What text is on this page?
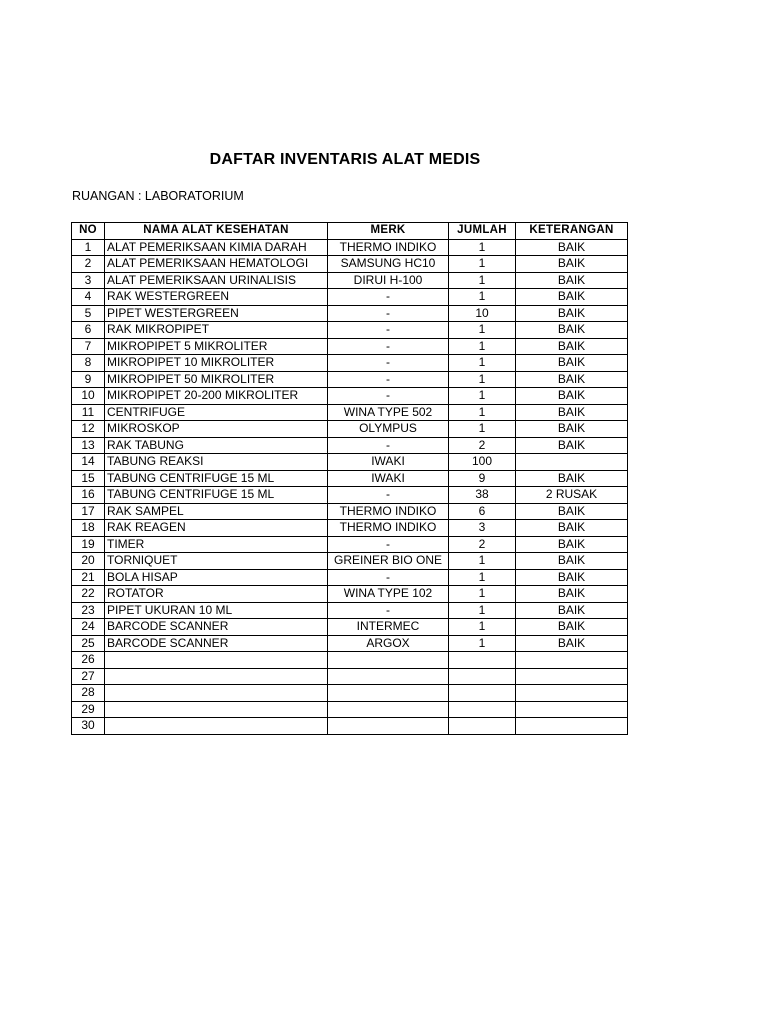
DAFTAR INVENTARIS ALAT MEDIS

RUANGAN : LABORATORIUM

NO	NAMA ALAT KESEHATAN	MERK	JUMLAH	KETERANGAN
1	ALAT PEMERIKSAAN KIMIA DARAH	THERMO INDIKO	1	BAIK
2	ALAT PEMERIKSAAN HEMATOLOGI	SAMSUNG HC10	1	BAIK
3	ALAT PEMERIKSAAN URINALISIS	DIRUI H-100	1	BAIK
4	RAK WESTERGREEN	-	1	BAIK
5	PIPET WESTERGREEN	-	10	BAIK
6	RAK MIKROPIPET	-	1	BAIK
7	MIKROPIPET 5 MIKROLITER	-	1	BAIK
8	MIKROPIPET 10 MIKROLITER	-	1	BAIK
9	MIKROPIPET 50 MIKROLITER	-	1	BAIK
10	MIKROPIPET 20-200 MIKROLITER	-	1	BAIK
11	CENTRIFUGE	WINA TYPE 502	1	BAIK
12	MIKROSKOP	OLYMPUS	1	BAIK
13	RAK TABUNG	-	2	BAIK
14	TABUNG REAKSI	IWAKI	100	
15	TABUNG CENTRIFUGE 15 ML	IWAKI	9	BAIK
16	TABUNG CENTRIFUGE 15 ML	-	38	2 RUSAK
17	RAK SAMPEL	THERMO INDIKO	6	BAIK
18	RAK REAGEN	THERMO INDIKO	3	BAIK
19	TIMER	-	2	BAIK
20	TORNIQUET	GREINER BIO ONE	1	BAIK
21	BOLA HISAP	-	1	BAIK
22	ROTATOR	WINA TYPE 102	1	BAIK
23	PIPET UKURAN 10 ML	-	1	BAIK
24	BARCODE SCANNER	INTERMEC	1	BAIK
25	BARCODE SCANNER	ARGOX	1	BAIK
26				
27				
28				
29				
30				
